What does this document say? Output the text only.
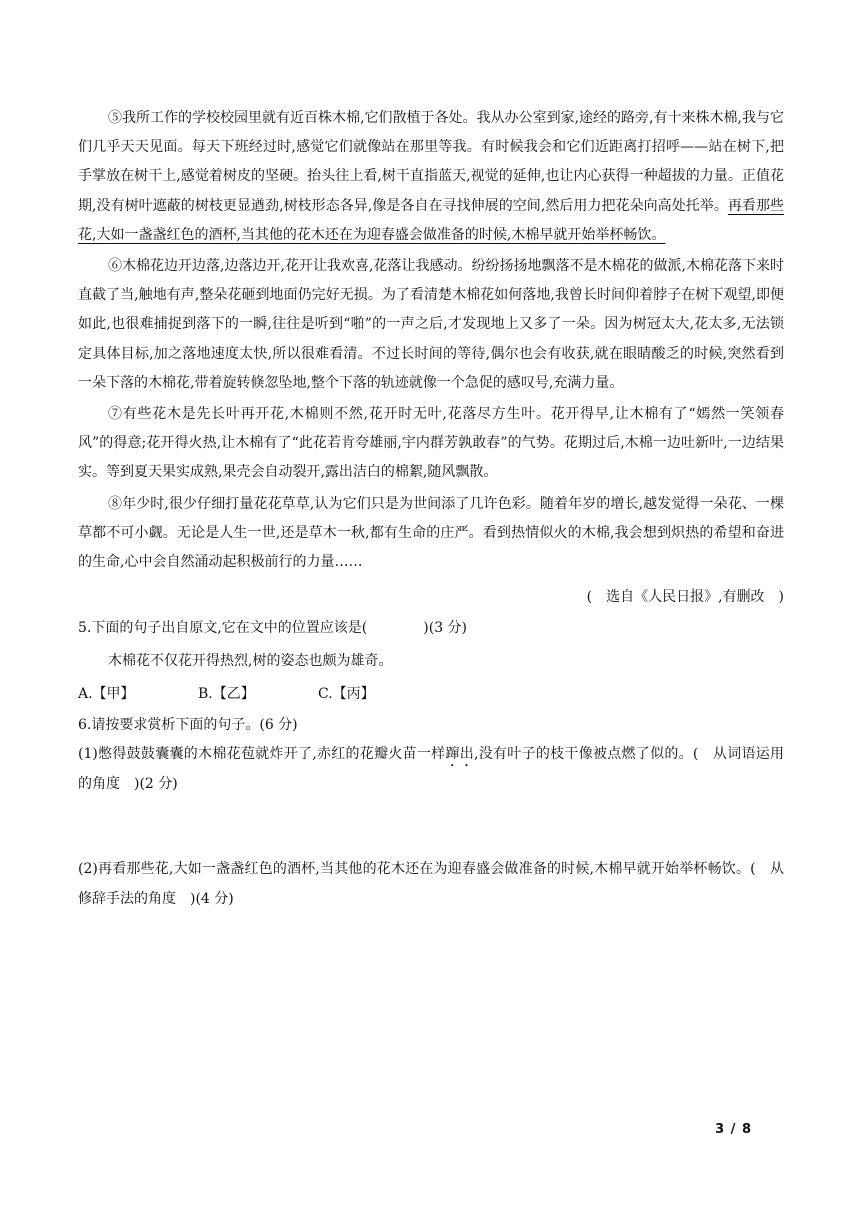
⑤我所工作的学校校园里就有近百株木棉,它们散植于各处。我从办公室到家,途经的路旁,有十来株木棉,我与它们几乎天天见面。每天下班经过时,感觉它们就像站在那里等我。有时候我会和它们近距离打招呼——站在树下,把手掌放在树干上,感觉着树皮的坚硬。抬头往上看,树干直指蓝天,视觉的延伸,也让内心获得一种超拔的力量。正值花期,没有树叶遮蔽的树枝更显遒劲,树枝形态各异,像是各自在寻找伸展的空间,然后用力把花朵向高处托举。再看那些花,大如一盏盏红色的酒杯,当其他的花木还在为迎春盛会做准备的时候,木棉早就开始举杯畅饮。

⑥木棉花边开边落,边落边开,花开让我欢喜,花落让我感动。纷纷扬扬地飘落不是木棉花的做派,木棉花落下来时直截了当,触地有声,整朵花砸到地面仍完好无损。为了看清楚木棉花如何落地,我曾长时间仰着脖子在树下观望,即便如此,也很难捕捉到落下的一瞬,往往是听到“啪”的一声之后,才发现地上又多了一朵。因为树冠太大,花太多,无法锁定具体目标,加之落地速度太快,所以很难看清。不过长时间的等待,偶尔也会有收获,就在眼睛酸乏的时候,突然看到一朵下落的木棉花,带着旋转倏忽坠地,整个下落的轨迹就像一个急促的感叹号,充满力量。

⑦有些花木是先长叶再开花,木棉则不然,花开时无叶,花落尽方生叶。花开得早,让木棉有了“嫣然一笑领春风”的得意;花开得火热,让木棉有了“此花若肯夸雄丽,宇内群芳孰敢春”的气势。花期过后,木棉一边吐新叶,一边结果实。等到夏天果实成熟,果壳会自动裂开,露出洁白的棉絮,随风飘散。

⑧年少时,很少仔细打量花花草草,认为它们只是为世间添了几许色彩。随着年岁的增长,越发觉得一朵花、一棵草都不可小觑。无论是人生一世,还是草木一秋,都有生命的庄严。看到热情似火的木棉,我会想到炽热的希望和奋进的生命,心中会自然涌动起积极前行的力量……

(　选自《人民日报》,有删改　)

5.下面的句子出自原文,它在文中的位置应该是(　　　　)(3 分)

木棉花不仅花开得热烈,树的姿态也颇为雄奇。

A.【甲】	B.【乙】	C.【丙】

6.请按要求赏析下面的句子。(6 分)

(1)憋得鼓鼓囊囊的木棉花苞就炸开了,赤红的花瓣火苗一样蹿出,没有叶子的枝干像被点燃了似的。(　从词语运用的角度　)(2 分)

(2)再看那些花,大如一盏盏红色的酒杯,当其他的花木还在为迎春盛会做准备的时候,木棉早就开始举杯畅饮。(　从修辞手法的角度　)(4 分)

3 / 8
